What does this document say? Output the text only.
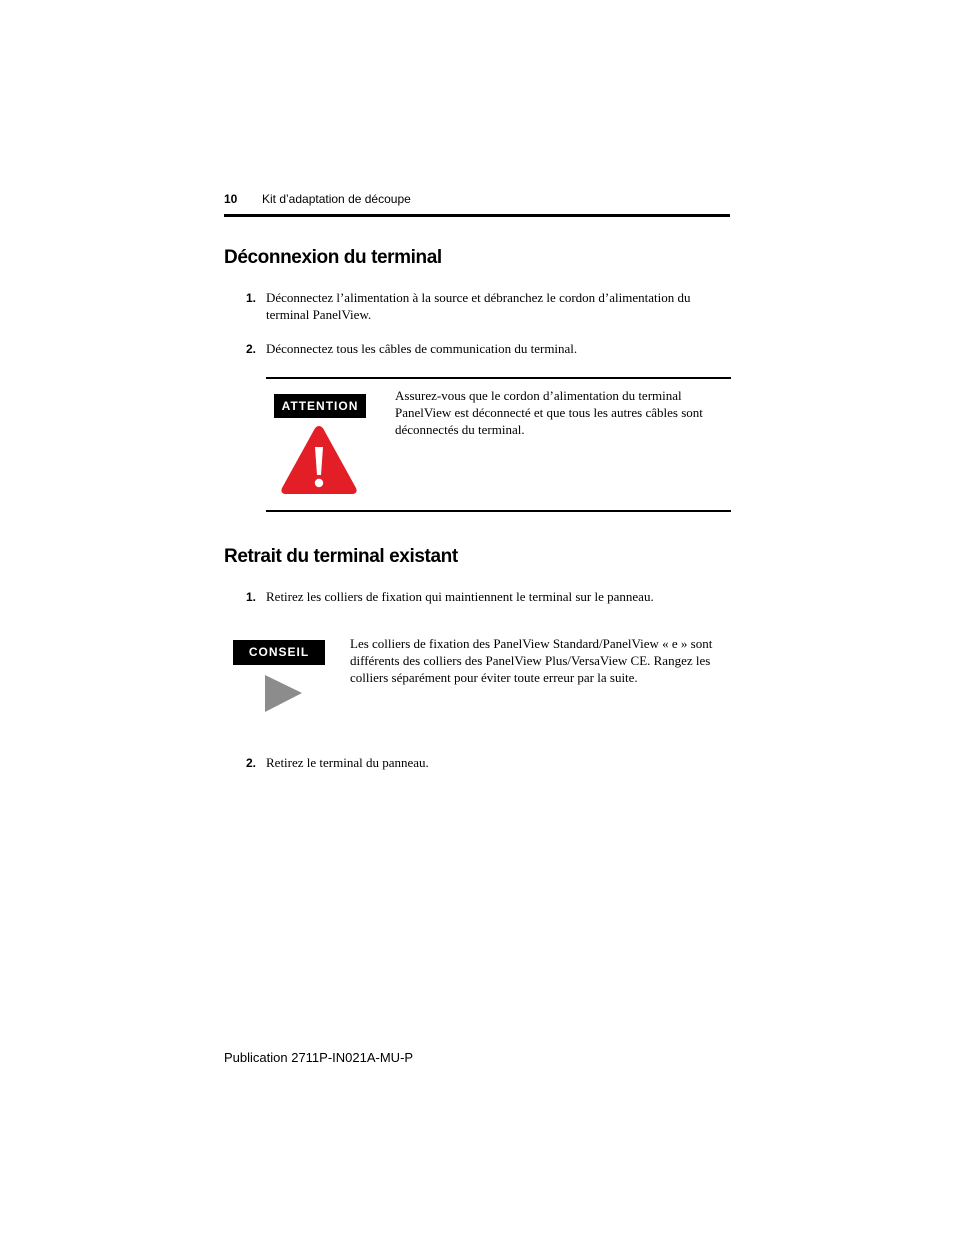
10 Kit d’adaptation de découpe
Déconnexion du terminal
1. Déconnectez l’alimentation à la source et débranchez le cordon d’alimentation du
terminal PanelView.
2. Déconnectez tous les câbles de communication du terminal.
ATTENTION
Assurez-vous que le cordon d’alimentation du terminal
PanelView est déconnecté et que tous les autres câbles sont
déconnectés du terminal.
Retrait du terminal existant
1. Retirez les colliers de fixation qui maintiennent le terminal sur le panneau.
CONSEIL
Les colliers de fixation des PanelView Standard/PanelView « e » sont
différents des colliers des PanelView Plus/VersaView CE. Rangez les
colliers séparément pour éviter toute erreur par la suite.
2. Retirez le terminal du panneau.
Publication 2711P-IN021A-MU-P
